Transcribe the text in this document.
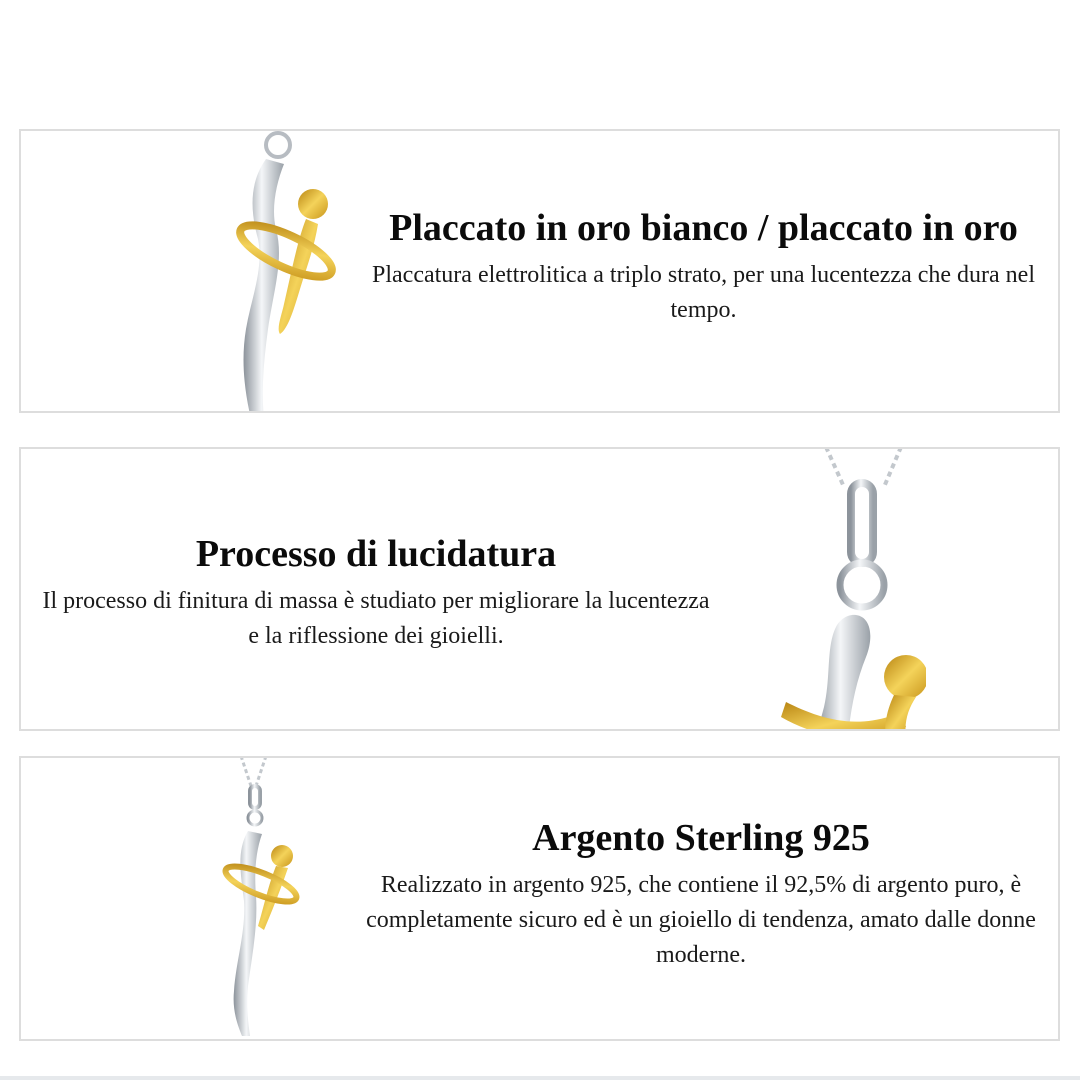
Placcato in oro bianco / placcato in oro
Placcatura elettrolitica a triplo strato, per una lucentezza che dura nel tempo.
Processo di lucidatura
Il processo di finitura di massa è studiato per migliorare la lucentezza e la riflessione dei gioielli.
Argento Sterling 925
Realizzato in argento 925, che contiene il 92,5% di argento puro, è completamente sicuro ed è un gioiello di tendenza, amato dalle donne moderne.
